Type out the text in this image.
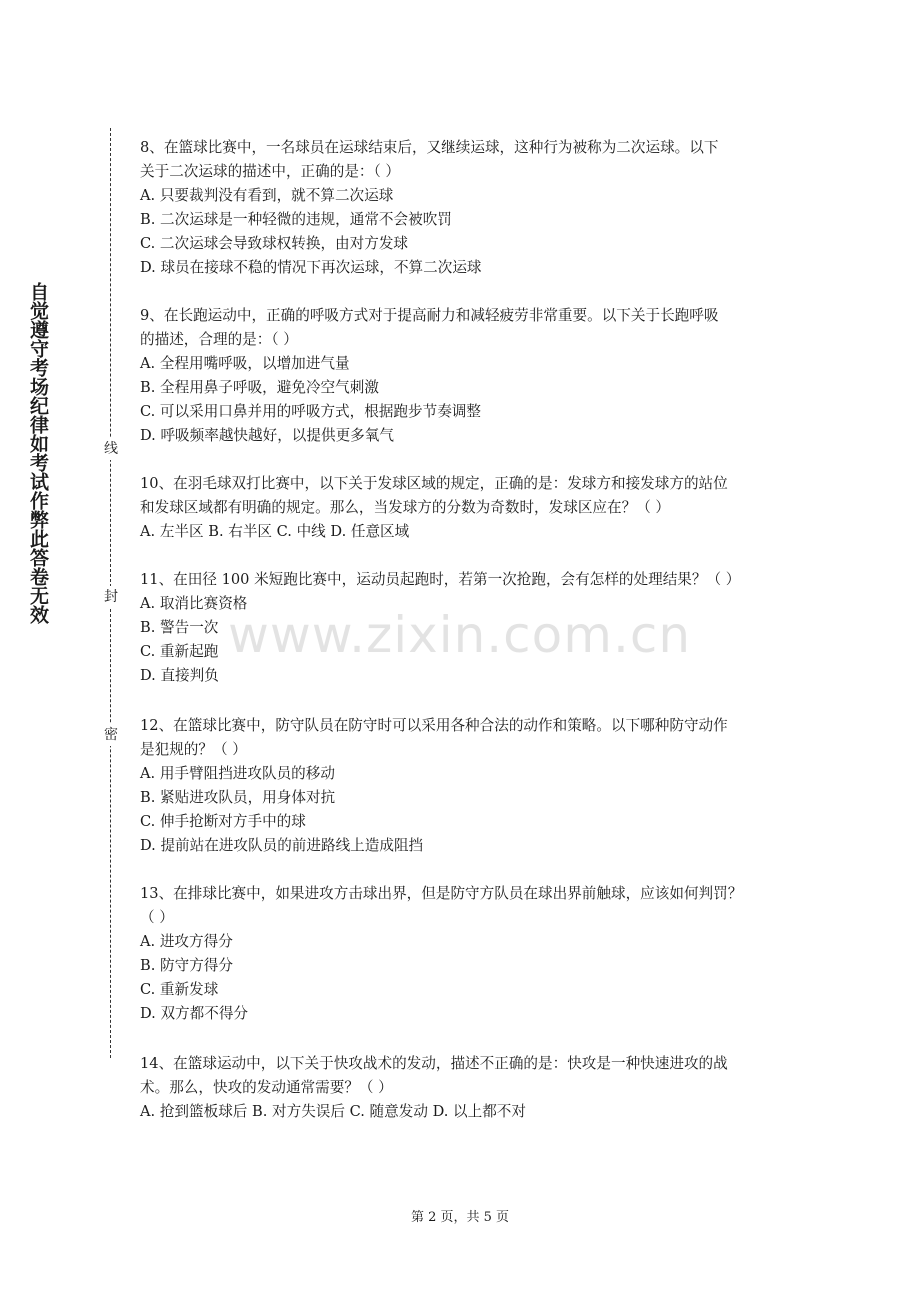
自觉遵守考场纪律如考试作弊此答卷无效	线
封
密
www.zixin.com.cn
8、在篮球比赛中，一名球员在运球结束后，又继续运球，这种行为被称为二次运球。以下
关于二次运球的描述中，正确的是：（ ）
A. 只要裁判没有看到，就不算二次运球
B. 二次运球是一种轻微的违规，通常不会被吹罚
C. 二次运球会导致球权转换，由对方发球
D. 球员在接球不稳的情况下再次运球，不算二次运球
9、在长跑运动中，正确的呼吸方式对于提高耐力和减轻疲劳非常重要。以下关于长跑呼吸
的描述，合理的是：（ ）
A. 全程用嘴呼吸，以增加进气量
B. 全程用鼻子呼吸，避免冷空气刺激
C. 可以采用口鼻并用的呼吸方式，根据跑步节奏调整
D. 呼吸频率越快越好，以提供更多氧气
10、在羽毛球双打比赛中，以下关于发球区域的规定，正确的是：发球方和接发球方的站位
和发球区域都有明确的规定。那么，当发球方的分数为奇数时，发球区应在？（ ）
A. 左半区 B. 右半区 C. 中线 D. 任意区域
11、在田径 100 米短跑比赛中，运动员起跑时，若第一次抢跑，会有怎样的处理结果？（ ）
A. 取消比赛资格
B. 警告一次
C. 重新起跑
D. 直接判负
12、在篮球比赛中，防守队员在防守时可以采用各种合法的动作和策略。以下哪种防守动作
是犯规的？（ ）
A. 用手臂阻挡进攻队员的移动
B. 紧贴进攻队员，用身体对抗
C. 伸手抢断对方手中的球
D. 提前站在进攻队员的前进路线上造成阻挡
13、在排球比赛中，如果进攻方击球出界，但是防守方队员在球出界前触球，应该如何判罚？
（ ）
A. 进攻方得分
B. 防守方得分
C. 重新发球
D. 双方都不得分
14、在篮球运动中，以下关于快攻战术的发动，描述不正确的是：快攻是一种快速进攻的战
术。那么，快攻的发动通常需要？（ ）
A. 抢到篮板球后 B. 对方失误后 C. 随意发动 D. 以上都不对
第 2 页，共 5 页
